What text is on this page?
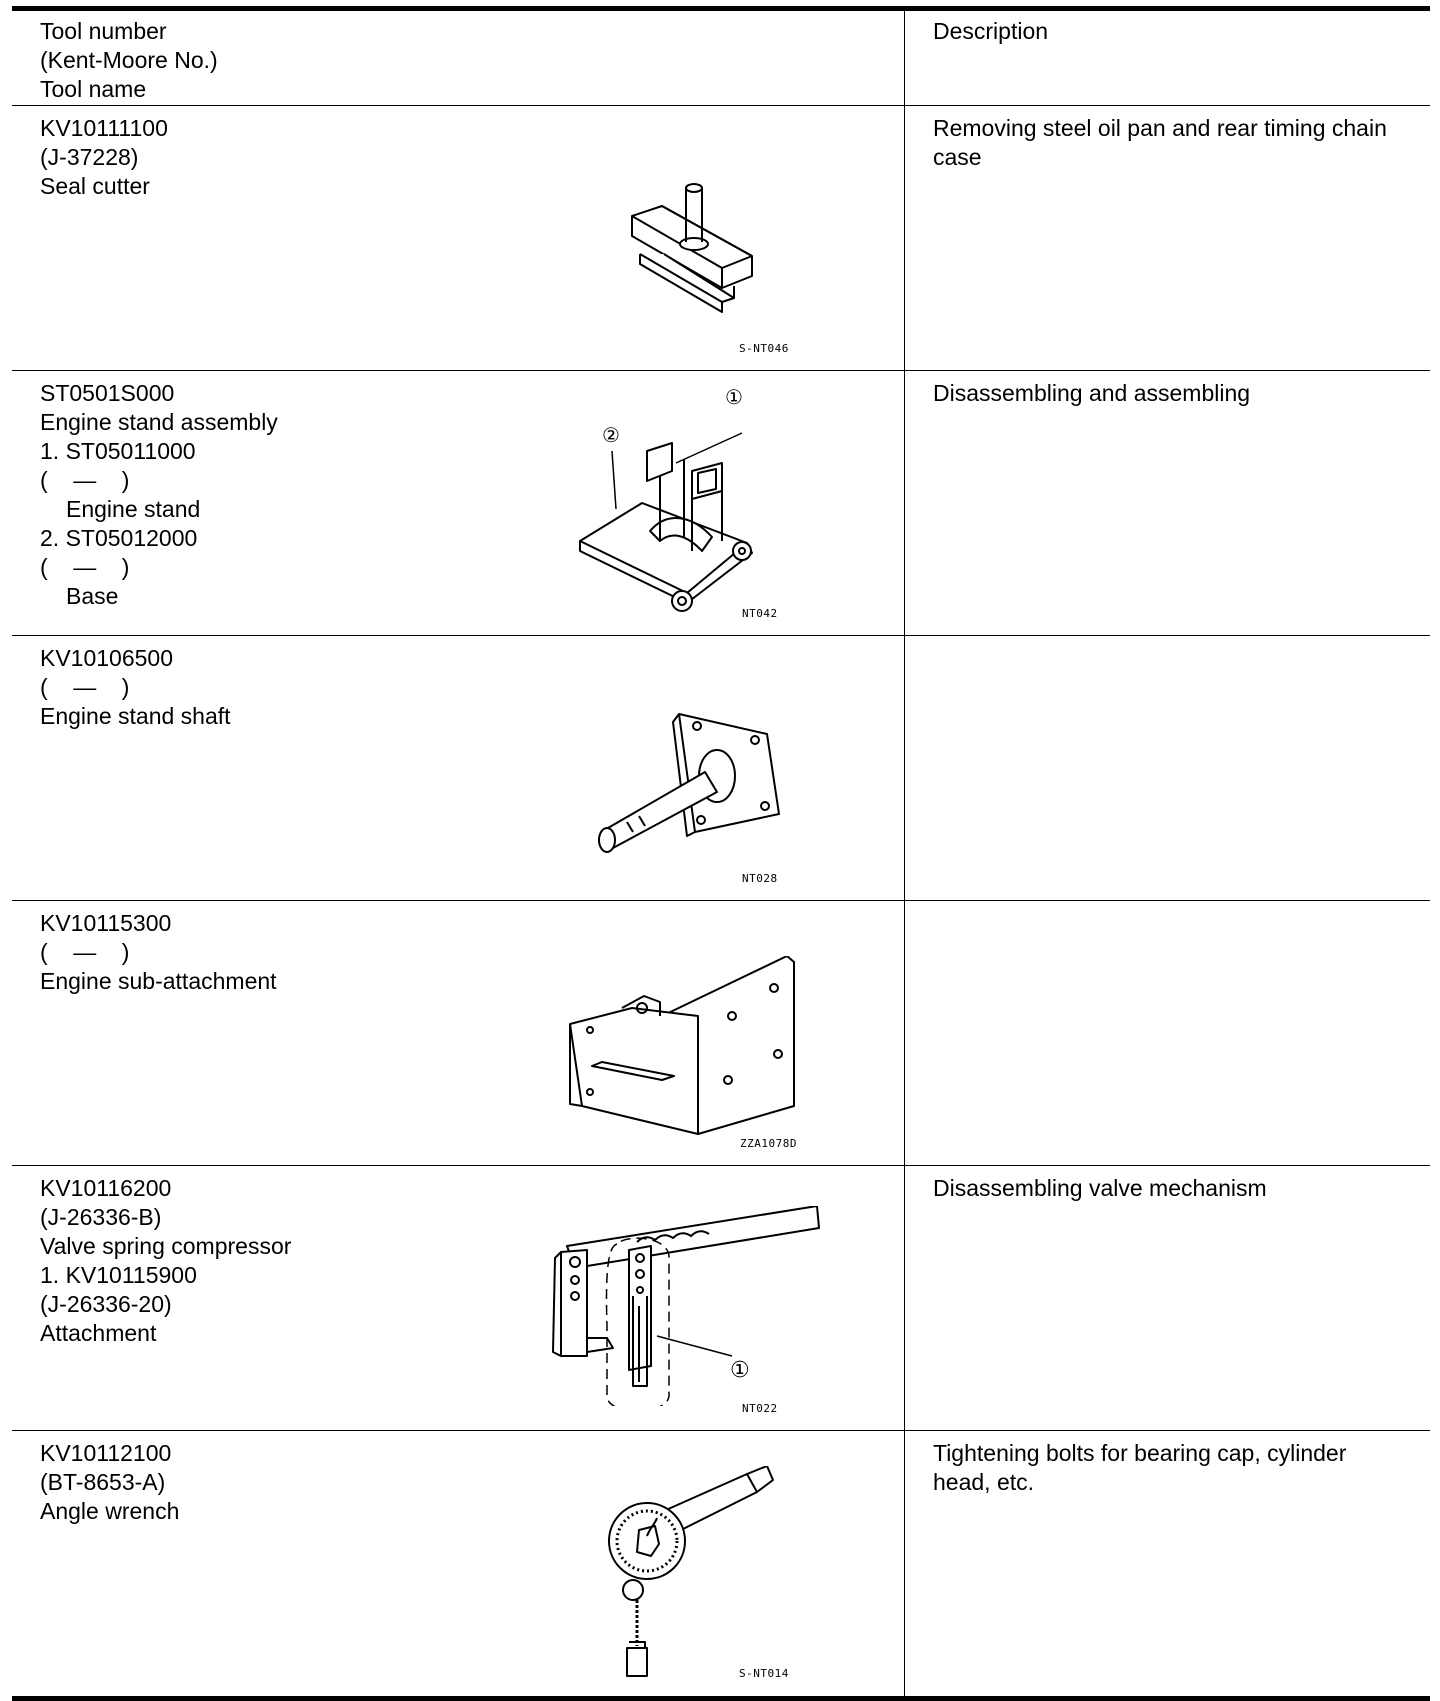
Tool number
(Kent-Moore No.)
Tool name
Description
KV10111100
(J-37228)
Seal cutter
S-NT046
Removing steel oil pan and rear timing chain case
ST0501S000
Engine stand assembly
1. ST05011000
(    —    )
Engine stand
2. ST05012000
(    —    )
Base
①
②
NT042
Disassembling and assembling
KV10106500
(    —    )
Engine stand shaft
NT028
KV10115300
(    —    )
Engine sub-attachment
ZZA1078D
KV10116200
(J-26336-B)
Valve spring compressor
1. KV10115900
(J-26336-20)
Attachment
①
NT022
Disassembling valve mechanism
KV10112100
(BT-8653-A)
Angle wrench
S-NT014
Tightening bolts for bearing cap, cylinder head, etc.
